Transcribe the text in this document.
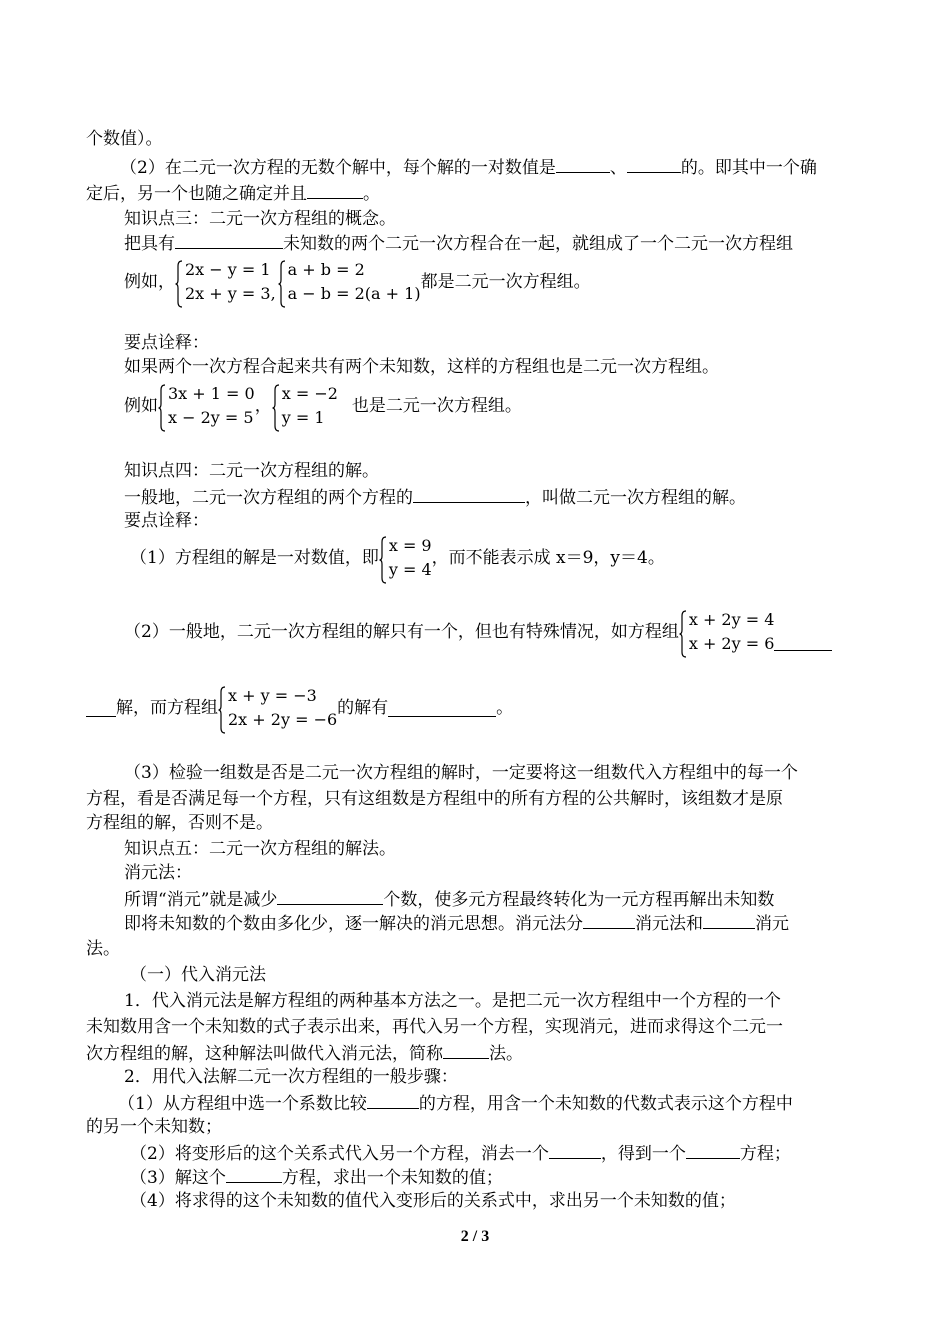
个数值）。
（2）在二元一次方程的无数个解中，每个解的一对数值是	、	的。即其中一个确
定后，另一个也随之确定并且	。
知识点三：二元一次方程组的概念。
把具有	未知数的两个二元一次方程合在一起，就组成了一个二元一次方程组
例如，
2x − y = 1
2x + y = 3,
a + b = 2
a − b = 2(a + 1)
都是二元一次方程组。
要点诠释：
如果两个一次方程合起来共有两个未知数，这样的方程组也是二元一次方程组。
例如
3x + 1 = 0
x − 2y = 5
，
x = −2
y = 1
也是二元一次方程组。
知识点四：二元一次方程组的解。
一般地，二元一次方程组的两个方程的	，叫做二元一次方程组的解。
要点诠释：
（1）方程组的解是一对数值，即
x = 9
y = 4
，而不能表示成 x＝9，y＝4。
（2）一般地，二元一次方程组的解只有一个，但也有特殊情况，如方程组
x + 2y = 4
x + 2y = 6
解，而方程组
x + y = −3
2x + 2y = −6
的解有	。
（3）检验一组数是否是二元一次方程组的解时，一定要将这一组数代入方程组中的每一个
方程，看是否满足每一个方程，只有这组数是方程组中的所有方程的公共解时，该组数才是原
方程组的解，否则不是。
知识点五：二元一次方程组的解法。
消元法：
所谓“消元”就是减少	个数，使多元方程最终转化为一元方程再解出未知数
即将未知数的个数由多化少，逐一解决的消元思想。消元法分	消元法和	消元
法。
（一）代入消元法
1．代入消元法是解方程组的两种基本方法之一。是把二元一次方程组中一个方程的一个
未知数用含一个未知数的式子表示出来，再代入另一个方程，实现消元，进而求得这个二元一
次方程组的解，这种解法叫做代入消元法，简称	法。
2．用代入法解二元一次方程组的一般步骤：
（1）从方程组中选一个系数比较	的方程，用含一个未知数的代数式表示这个方程中
的另一个未知数；
（2）将变形后的这个关系式代入另一个方程，消去一个	，得到一个	方程；
（3）解这个	方程，求出一个未知数的值；
（4）将求得的这个未知数的值代入变形后的关系式中，求出另一个未知数的值；
2 / 3
